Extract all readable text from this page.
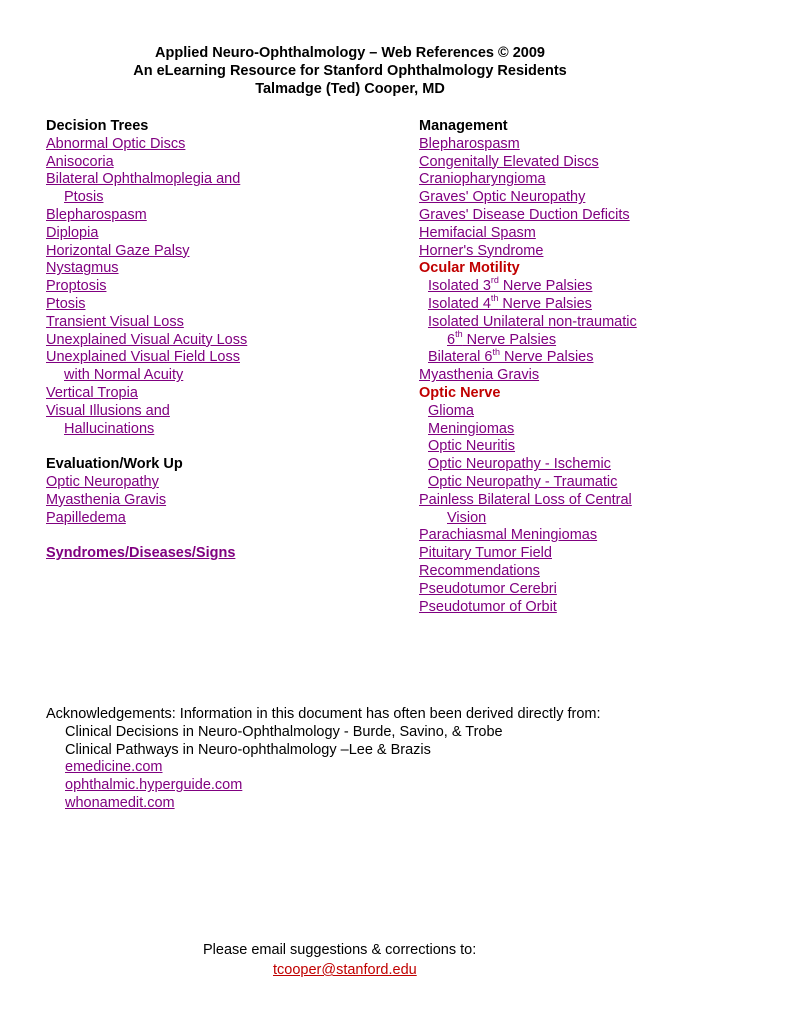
Applied Neuro-Ophthalmology – Web References © 2009
An eLearning Resource for Stanford Ophthalmology Residents
Talmadge (Ted) Cooper, MD
Decision Trees
Abnormal Optic Discs
Anisocoria
Bilateral Ophthalmoplegia and
Ptosis
Blepharospasm
Diplopia
Horizontal Gaze Palsy
Nystagmus
Proptosis
Ptosis
Transient Visual Loss
Unexplained Visual Acuity Loss
Unexplained Visual Field Loss
with Normal Acuity
Vertical Tropia
Visual Illusions and
Hallucinations
Evaluation/Work Up
Optic Neuropathy
Myasthenia Gravis
Papilledema
Syndromes/Diseases/Signs
Management
Blepharospasm
Congenitally Elevated Discs
Craniopharyngioma
Graves' Optic Neuropathy
Graves' Disease Duction Deficits
Hemifacial Spasm
Horner's Syndrome
Ocular Motility
Isolated 3rd Nerve Palsies
Isolated 4th Nerve Palsies
Isolated Unilateral non-traumatic
6th Nerve Palsies
Bilateral 6th Nerve Palsies
Myasthenia Gravis
Optic Nerve
Glioma
Meningiomas
Optic Neuritis
Optic Neuropathy - Ischemic
Optic Neuropathy - Traumatic
Painless Bilateral Loss of Central
Vision
Parachiasmal Meningiomas
Pituitary Tumor Field
Recommendations
Pseudotumor Cerebri
Pseudotumor of Orbit
Acknowledgements: Information in this document has often been derived directly from:
Clinical Decisions in Neuro-Ophthalmology - Burde, Savino, & Trobe
Clinical Pathways in Neuro-ophthalmology –Lee & Brazis
emedicine.com
ophthalmic.hyperguide.com
whonamedit.com
Please email suggestions & corrections to:
tcooper@stanford.edu
